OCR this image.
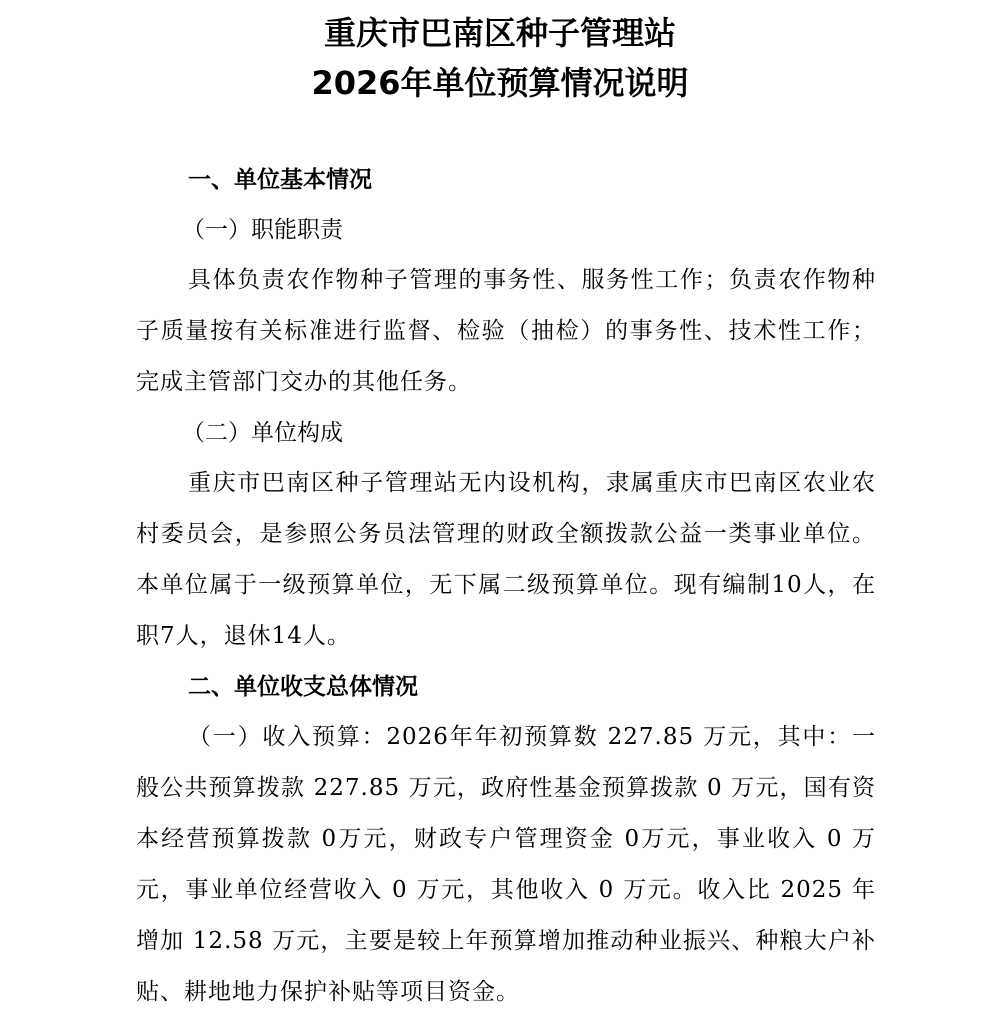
重庆市巴南区种子管理站
2026年单位预算情况说明
一、单位基本情况
（一）职能职责

具体负责农作物种子管理的事务性、服务性工作；负责农作物种子质量按有关标准进行监督、检验（抽检）的事务性、技术性工作；完成主管部门交办的其他任务。

（二）单位构成

重庆市巴南区种子管理站无内设机构，隶属重庆市巴南区农业农村委员会，是参照公务员法管理的财政全额拨款公益一类事业单位。本单位属于一级预算单位，无下属二级预算单位。现有编制10人，在职7人，退休14人。

二、单位收支总体情况

（一）收入预算：2026年年初预算数 227.85 万元，其中：一般公共预算拨款 227.85 万元，政府性基金预算拨款 0 万元，国有资本经营预算拨款 0万元，财政专户管理资金 0万元，事业收入 0 万元，事业单位经营收入 0 万元，其他收入 0 万元。收入比 2025 年增加 12.58 万元，主要是较上年预算增加推动种业振兴、种粮大户补贴、耕地地力保护补贴等项目资金。
